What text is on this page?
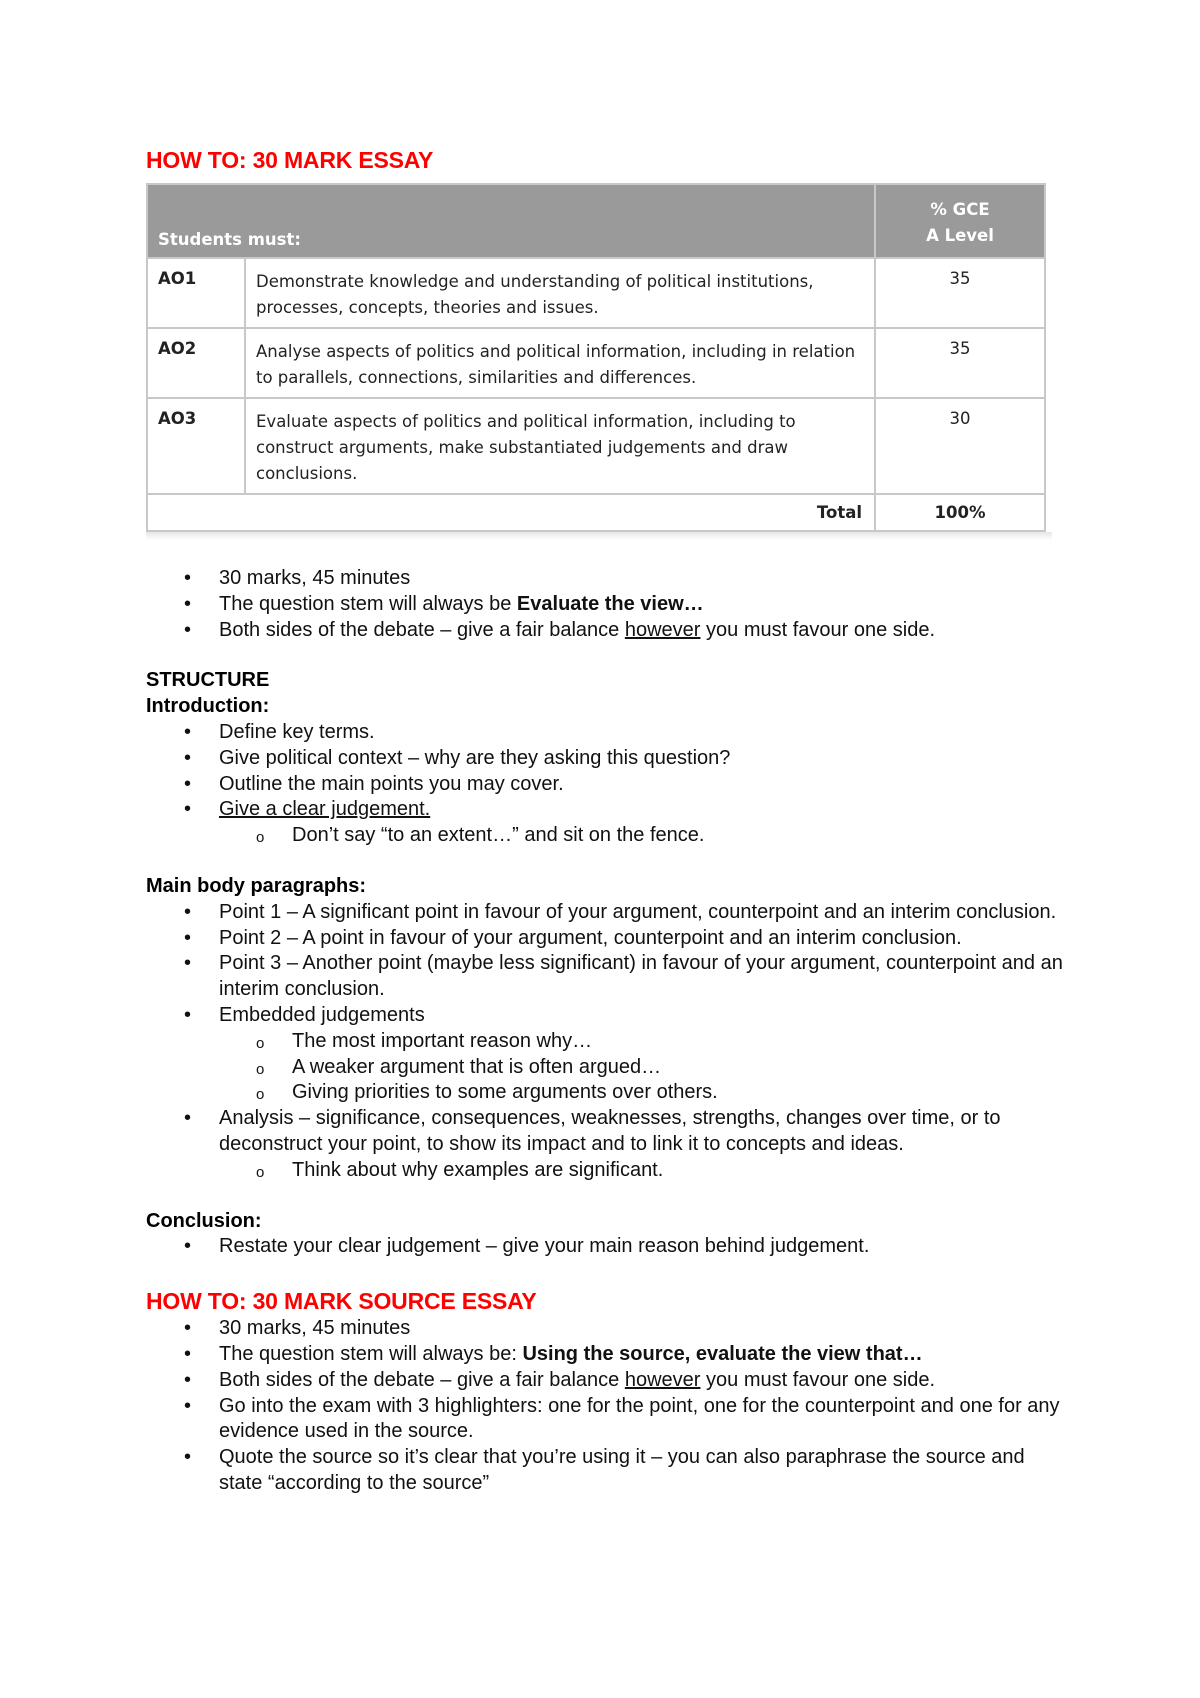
HOW TO: 30 MARK ESSAY
Students must:		% GCE
A Level

AO1	Demonstrate knowledge and understanding of political institutions, processes, concepts, theories and issues.	35
AO2	Analyse aspects of politics and political information, including in relation to parallels, connections, similarities and differences.	35
AO3	Evaluate aspects of politics and political information, including to construct arguments, make substantiated judgements and draw conclusions.	30
Total		100%
• 30 marks, 45 minutes
• The question stem will always be Evaluate the view…
• Both sides of the debate – give a fair balance however you must favour one side.

STRUCTURE

Introduction:

• Define key terms.
• Give political context – why are they asking this question?
• Outline the main points you may cover.
• Give a clear judgement.
o Don’t say “to an extent…” and sit on the fence.

Main body paragraphs:

• Point 1 – A significant point in favour of your argument, counterpoint and an interim conclusion.
• Point 2 – A point in favour of your argument, counterpoint and an interim conclusion.
• Point 3 – Another point (maybe less significant) in favour of your argument, counterpoint and an interim conclusion.
• Embedded judgements
o The most important reason why…
o A weaker argument that is often argued…
o Giving priorities to some arguments over others.
• Analysis – significance, consequences, weaknesses, strengths, changes over time, or to deconstruct your point, to show its impact and to link it to concepts and ideas.
o Think about why examples are significant.

Conclusion:

• Restate your clear judgement – give your main reason behind judgement.
HOW TO: 30 MARK SOURCE ESSAY
• 30 marks, 45 minutes
• The question stem will always be: Using the source, evaluate the view that…
• Both sides of the debate – give a fair balance however you must favour one side.
• Go into the exam with 3 highlighters: one for the point, one for the counterpoint and one for any evidence used in the source.
• Quote the source so it’s clear that you’re using it – you can also paraphrase the source and state “according to the source”
